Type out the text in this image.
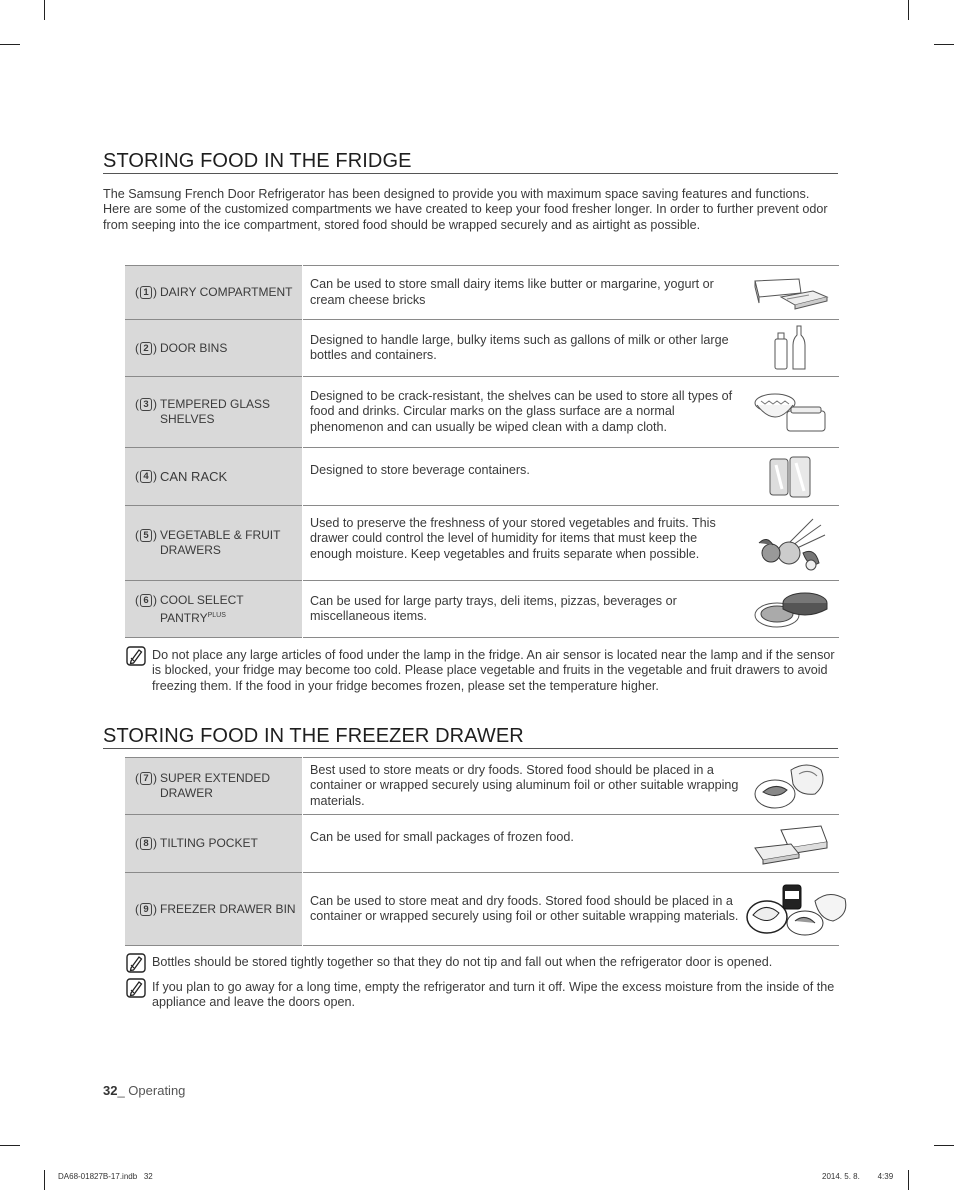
STORING FOOD IN THE FRIDGE
The Samsung French Door Refrigerator has been designed to provide you with maximum space saving features and functions. Here are some of the customized compartments we have created to keep your food fresher longer. In order to further prevent odor from seeping into the ice compartment, stored food should be wrapped securely and as airtight as possible.
( 1 ) DAIRY COMPARTMENT	Can be used to store small dairy items like butter or margarine, yogurt or cream cheese bricks	

( 2 ) DOOR BINS	Designed to handle large, bulky items such as gallons of milk or other large bottles and containers.	

( 3 ) TEMPERED GLASS SHELVES	Designed to be crack-resistant, the shelves can be used to store all types of food and drinks. Circular marks on the glass surface are a normal phenomenon and can usually be wiped clean with a damp cloth.	

( 4 ) CAN RACK	Designed to store beverage containers.	

( 5 ) VEGETABLE & FRUIT DRAWERS	Used to preserve the freshness of your stored vegetables and fruits. This drawer could control the level of humidity for items that must keep the enough moisture. Keep vegetables and fruits separate when possible.	

( 6 ) COOL SELECT $PANTRY^{PLUS}$	Can be used for large party trays, deli items, pizzas, beverages or miscellaneous items.	
Do not place any large articles of food under the lamp in the fridge. An air sensor is located near the lamp and if the sensor is blocked, your fridge may become too cold. Please place vegetable and fruits in the vegetable and fruit drawers to avoid freezing them. If the food in your fridge becomes frozen, please set the temperature higher.
STORING FOOD IN THE FREEZER DRAWER
( 7 ) SUPER EXTENDED DRAWER	Best used to store meats or dry foods. Stored food should be placed in a container or wrapped securely using aluminum foil or other suitable wrapping materials.	

( 8 ) TILTING POCKET	Can be used for small packages of frozen food.	

( 9 ) FREEZER DRAWER BIN	Can be used to store meat and dry foods. Stored food should be placed in a container or wrapped securely using foil or other suitable wrapping materials.	
Bottles should be stored tightly together so that they do not tip and fall out when the refrigerator door is opened.
If you plan to go away for a long time, empty the refrigerator and turn it off. Wipe the excess moisture from the inside of the appliance and leave the doors open.
32_ Operating
DA68-01827B-17.indb   32	2014. 5. 8.        4:39
